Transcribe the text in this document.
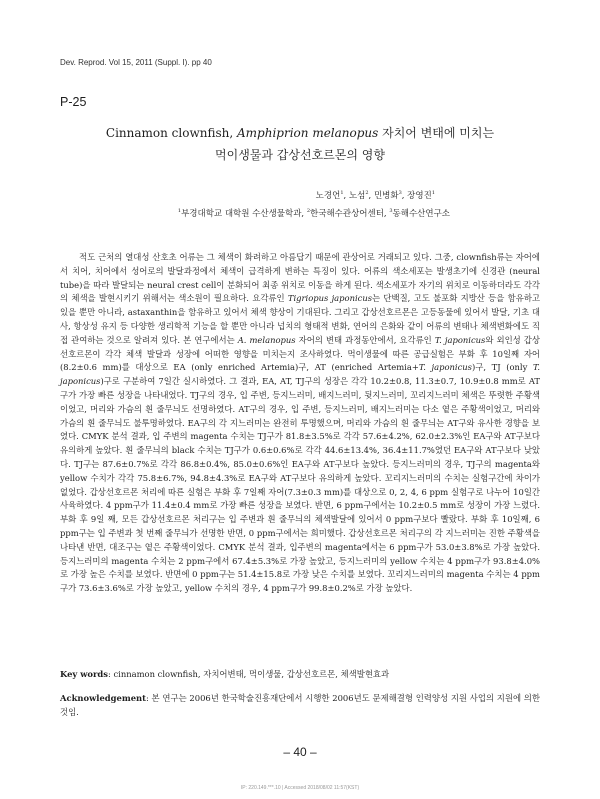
Dev. Reprod. Vol 15, 2011 (Suppl. I). pp 40
P-25
Cinnamon clownfish, Amphiprion melanopus 자치어 변태에 미치는
먹이생물과 갑상선호르몬의 영향
노경언$^1$, 노섬$^2$, 민병화$^3$, 장영진$^1$
$^1$부경대학교 대학원 수산생물학과, $^2$한국해수관상어센터, $^3$동해수산연구소

적도 근처의 열대성 산호초 어류는 그 체색이 화려하고 아름답기 때문에 관상어로 거래되고 있다. 그중, clownfish류는 자어에서 치어, 치어에서 성어로의 발달과정에서 체색이 급격하게 변하는 특징이 있다. 어류의 색소세포는 발생초기에 신경관 (neural tube)을 따라 발달되는 neural crest cell이 분화되어 최종 위치로 이동을 하게 된다. 색소세포가 자기의 위치로 이동하더라도 각각의 체색을 발현시키기 위해서는 색소원이 필요하다. 요각류인 Tigriopus japonicus는 단백질, 고도 불포화 지방산 등을 함유하고 있을 뿐만 아니라, astaxanthin을 함유하고 있어서 체색 향상이 기대된다. 그리고 갑상선호르몬은 고등동물에 있어서 발달, 기초 대사, 항상성 유지 등 다양한 생리학적 기능을 할 뿐만 아니라 넙치의 형태적 변화, 연어의 은화와 같이 어류의 변태나 체색변화에도 직접 관여하는 것으로 알려져 있다. 본 연구에서는 A. melanopus 자어의 변태 과정동안에서, 요각류인 T. japonicus와 외인성 갑상선호르몬이 각각 체색 발달과 성장에 어떠한 영향을 미치는지 조사하였다. 먹이생물에 따른 공급실험은 부화 후 10일째 자어 (8.2±0.6 mm)를 대상으로 EA (only enriched Artemia)구, AT (enriched Artemia+T. japonicus)구, TJ (only T. japonicus)구로 구분하여 7일간 실시하였다. 그 결과, EA, AT, TJ구의 성장은 각각 10.2±0.8, 11.3±0.7, 10.9±0.8 mm로 AT구가 가장 빠른 성장을 나타내었다. TJ구의 경우, 입 주변, 등지느러미, 배지느러미, 뒷지느러미, 꼬리지느러미 체색은 뚜렷한 주황색이었고, 머리와 가슴의 흰 줄무늬도 선명하였다. AT구의 경우, 입 주변, 등지느러미, 배지느러미는 다소 옅은 주황색이었고, 머리와 가슴의 흰 줄무늬도 불투명하였다. EA구의 각 지느러미는 완전히 투명했으며, 머리와 가슴의 흰 줄무늬는 AT구와 유사한 경향을 보였다. CMYK 분석 결과, 입 주변의 magenta 수치는 TJ구가 81.8±3.5%로 각각 57.6±4.2%, 62.0±2.3%인 EA구와 AT구보다 유의하게 높았다. 흰 줄무늬의 black 수치는 TJ구가 0.6±0.6%로 각각 44.6±13.4%, 36.4±11.7%였던 EA구와 AT구보다 낮았다. TJ구는 87.6±0.7%로 각각 86.8±0.4%, 85.0±0.6%인 EA구와 AT구보다 높았다. 등지느러미의 경우, TJ구의 magenta와 yellow 수치가 각각 75.8±6.7%, 94.8±4.3%로 EA구와 AT구보다 유의하게 높았다. 꼬리지느러미의 수치는 실험구간에 차이가 없었다. 갑상선호르몬 처리에 따른 실험은 부화 후 7일째 자어(7.3±0.3 mm)를 대상으로 0, 2, 4, 6 ppm 실험구로 나누어 10일간 사육하였다. 4 ppm구가 11.4±0.4 mm로 가장 빠른 성장을 보였다. 반면, 6 ppm구에서는 10.2±0.5 mm로 성장이 가장 느렸다. 부화 후 9일 째, 모든 갑상선호르몬 처리구는 입 주변과 흰 줄무늬의 체색발달에 있어서 0 ppm구보다 빨랐다. 부화 후 10일째, 6 ppm구는 입 주변과 첫 번째 줄무늬가 선명한 반면, 0 ppm구에서는 희미했다. 갑상선호르몬 처리구의 각 지느러미는 진한 주황색을 나타낸 반면, 대조구는 옅은 주황색이었다. CMYK 분석 결과, 입주변의 magenta에서는 6 ppm구가 53.0±3.8%로 가장 높았다. 등지느러미의 magenta 수치는 2 ppm구에서 67.4±5.3%로 가장 높았고, 등지느러미의 yellow 수치는 4 ppm구가 93.8±4.0%로 가장 높은 수치를 보였다. 반면에 0 ppm구는 51.4±15.8로 가장 낮은 수치를 보였다. 꼬리지느러미의 magenta 수치는 4 ppm구가 73.6±3.6%로 가장 높았고, yellow 수치의 경우, 4 ppm구가 99.8±0.2%로 가장 높았다.

Key words: cinnamon clownfish, 자치어변태, 먹이생물, 갑상선호르몬, 체색발현효과
Acknowledgement: 본 연구는 2006년 한국학술진흥재단에서 시행한 2006년도 문제해결형 인력양성 지원 사업의 지원에 의한 것임.
– 40 –
IP: 220.149.***.10 | Accessed 2018/08/02 11:57(KST)
